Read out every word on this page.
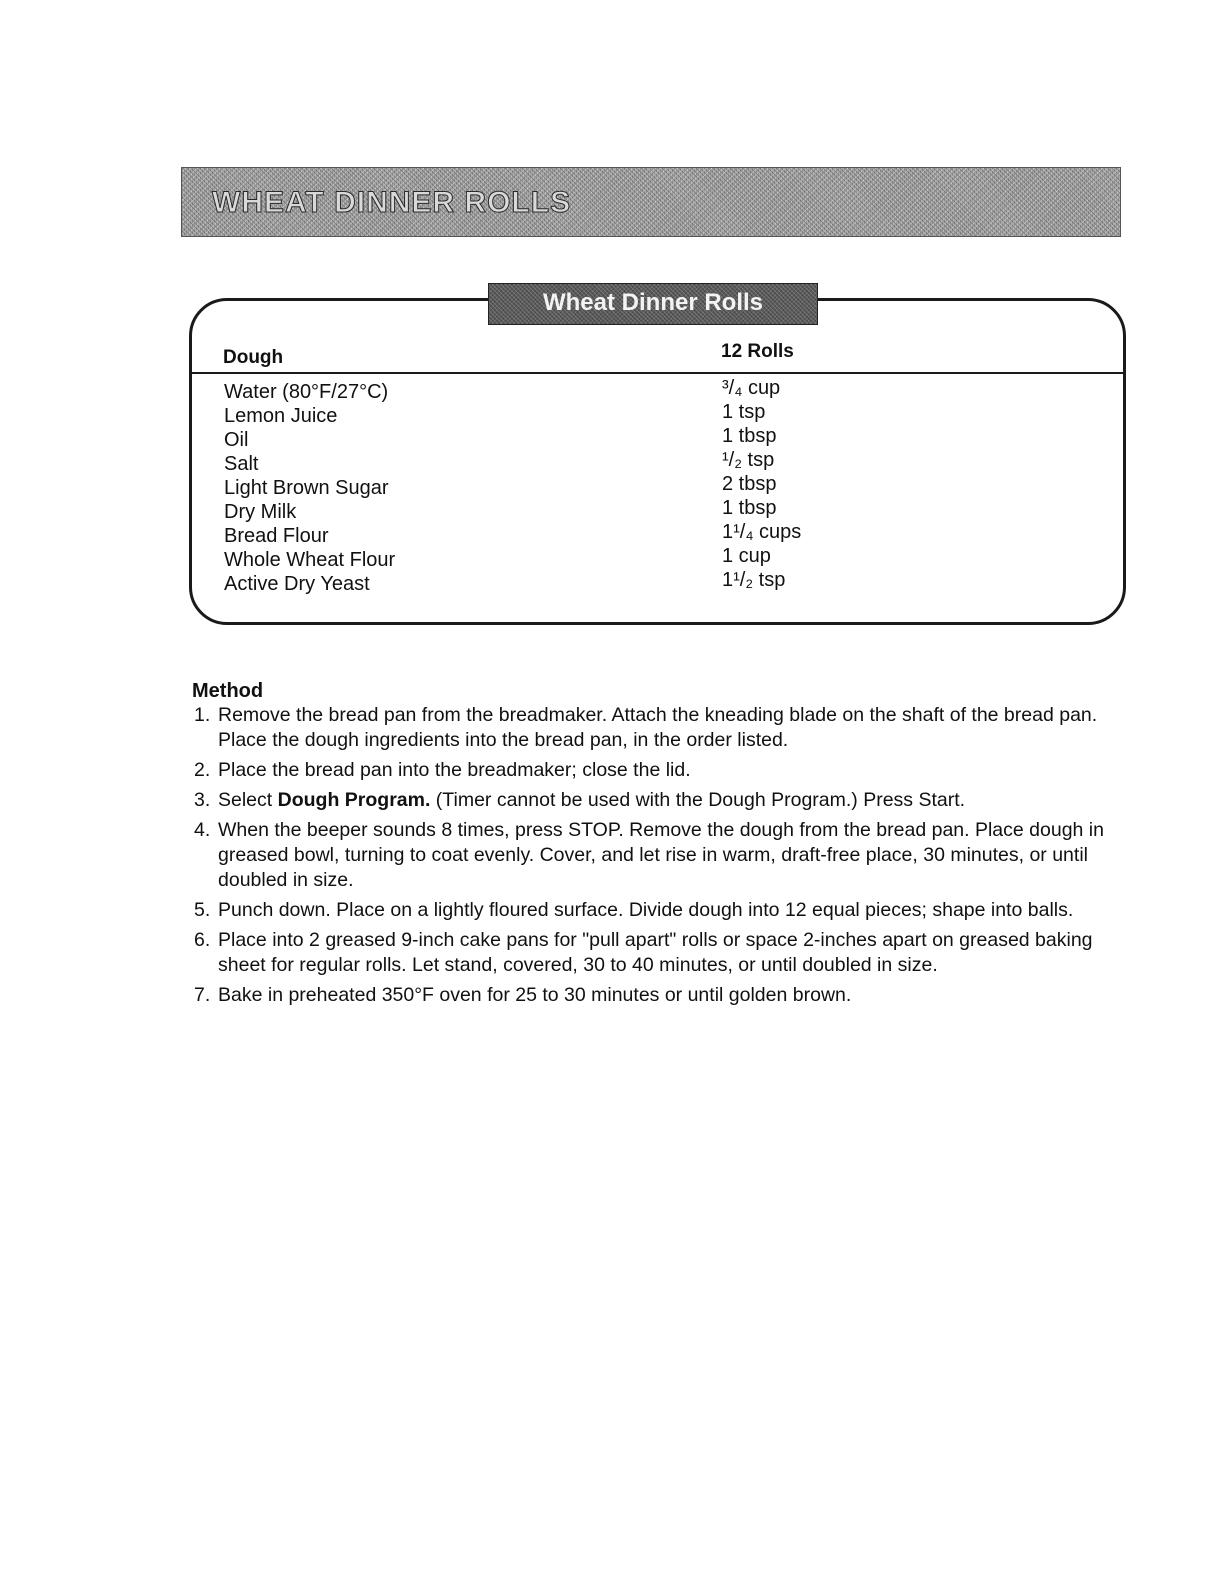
WHEAT DINNER ROLLS
Wheat Dinner Rolls
Dough	12 Rolls
Water (80°F/27°C)
Lemon Juice
Oil
Salt
Light Brown Sugar
Dry Milk
Bread Flour
Whole Wheat Flour
Active Dry Yeast
³/₄ cup
1 tsp
1 tbsp
¹/₂ tsp
2 tbsp
1 tbsp
1¹/₄ cups
1 cup
1¹/₂ tsp
Method
1. Remove the bread pan from the breadmaker. Attach the kneading blade on the shaft of the bread pan. Place the dough ingredients into the bread pan, in the order listed.
2. Place the bread pan into the breadmaker; close the lid.
3. Select Dough Program. (Timer cannot be used with the Dough Program.) Press Start.
4. When the beeper sounds 8 times, press STOP. Remove the dough from the bread pan. Place dough in greased bowl, turning to coat evenly. Cover, and let rise in warm, draft-free place, 30 minutes, or until doubled in size.
5. Punch down. Place on a lightly floured surface. Divide dough into 12 equal pieces; shape into balls.
6. Place into 2 greased 9-inch cake pans for "pull apart" rolls or space 2-inches apart on greased baking sheet for regular rolls. Let stand, covered, 30 to 40 minutes, or until doubled in size.
7. Bake in preheated 350°F oven for 25 to 30 minutes or until golden brown.
